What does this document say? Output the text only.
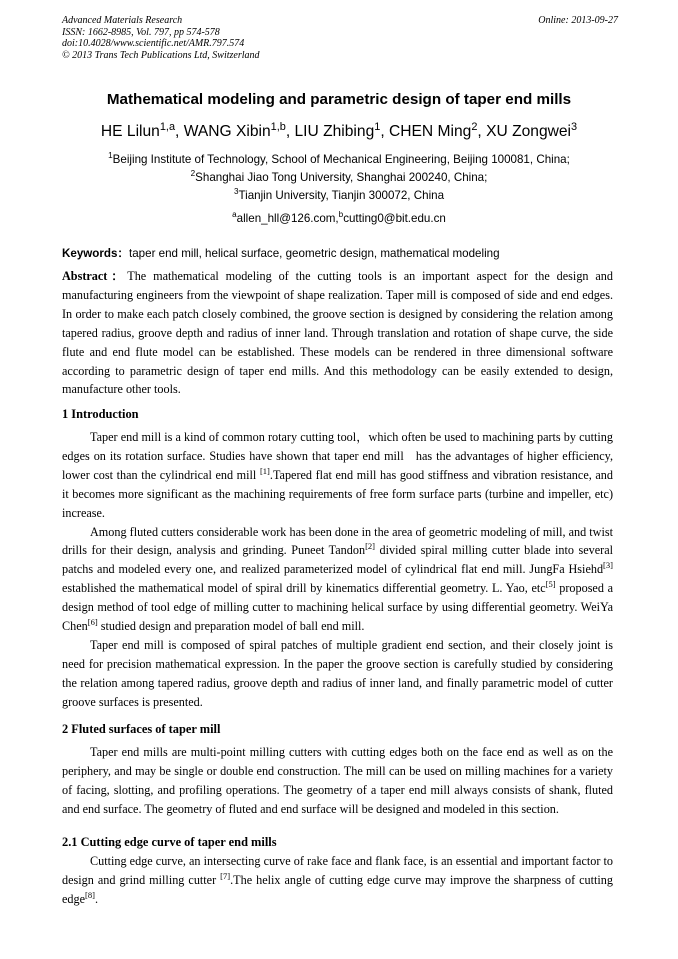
Advanced Materials Research
ISSN: 1662-8985, Vol. 797, pp 574-578
doi:10.4028/www.scientific.net/AMR.797.574
© 2013 Trans Tech Publications Ltd, Switzerland
Online: 2013-09-27
Mathematical modeling and parametric design of taper end mills
HE Lilun$^{1,a}$, WANG Xibin$^{1,b}$, LIU Zhibing$^1$, CHEN Ming$^2$, XU Zongwei$^3$
$^1$Beijing Institute of Technology, School of Mechanical Engineering, Beijing 100081, China;
$^2$Shanghai Jiao Tong University, Shanghai 200240, China;
$^3$Tianjin University, Tianjin 300072, China
$^a$allen_hll@126.com,$^b$cutting0@bit.edu.cn
Keywords：taper end mill, helical surface, geometric design, mathematical modeling

Abstract：The mathematical modeling of the cutting tools is an important aspect for the design and manufacturing engineers from the viewpoint of shape realization. Taper mill is composed of side and end edges. In order to make each patch closely combined, the groove section is designed by considering the relation among tapered radius, groove depth and radius of inner land. Through translation and rotation of shape curve, the side flute and end flute model can be established. These models can be rendered in three dimensional software according to parametric design of taper end mills. And this methodology can be easily extended to design, manufacture other tools.

1 Introduction

Taper end mill is a kind of common rotary cutting tool，which often be used to machining parts by cutting edges on its rotation surface. Studies have shown that taper end mill has the advantages of higher efficiency, lower cost than the cylindrical end mill [1].Tapered flat end mill has good stiffness and vibration resistance, and it becomes more significant as the machining requirements of free form surface parts (turbine and impeller, etc) increase.

Among fluted cutters considerable work has been done in the area of geometric modeling of mill, and twist drills for their design, analysis and grinding. Puneet Tandon[2] divided spiral milling cutter blade into several patchs and modeled every one, and realized parameterized model of cylindrical flat end mill. JungFa Hsiehd[3] established the mathematical model of spiral drill by kinematics differential geometry. L. Yao, etc[5] proposed a design method of tool edge of milling cutter to machining helical surface by using differential geometry. WeiYa Chen[6] studied design and preparation model of ball end mill.

Taper end mill is composed of spiral patches of multiple gradient end section, and their closely joint is need for precision mathematical expression. In the paper the groove section is carefully studied by considering the relation among tapered radius, groove depth and radius of inner land, and finally parametric model of cutter groove surfaces is presented.

2 Fluted surfaces of taper mill

Taper end mills are multi-point milling cutters with cutting edges both on the face end as well as on the periphery, and may be single or double end construction. The mill can be used on milling machines for a variety of facing, slotting, and profiling operations. The geometry of a taper end mill always consists of shank, fluted and end surface. The geometry of fluted and end surface will be designed and modeled in this section.

2.1 Cutting edge curve of taper end mills

Cutting edge curve, an intersecting curve of rake face and flank face, is an essential and important factor to design and grind milling cutter [7].The helix angle of cutting edge curve may improve the sharpness of cutting edge[8].
